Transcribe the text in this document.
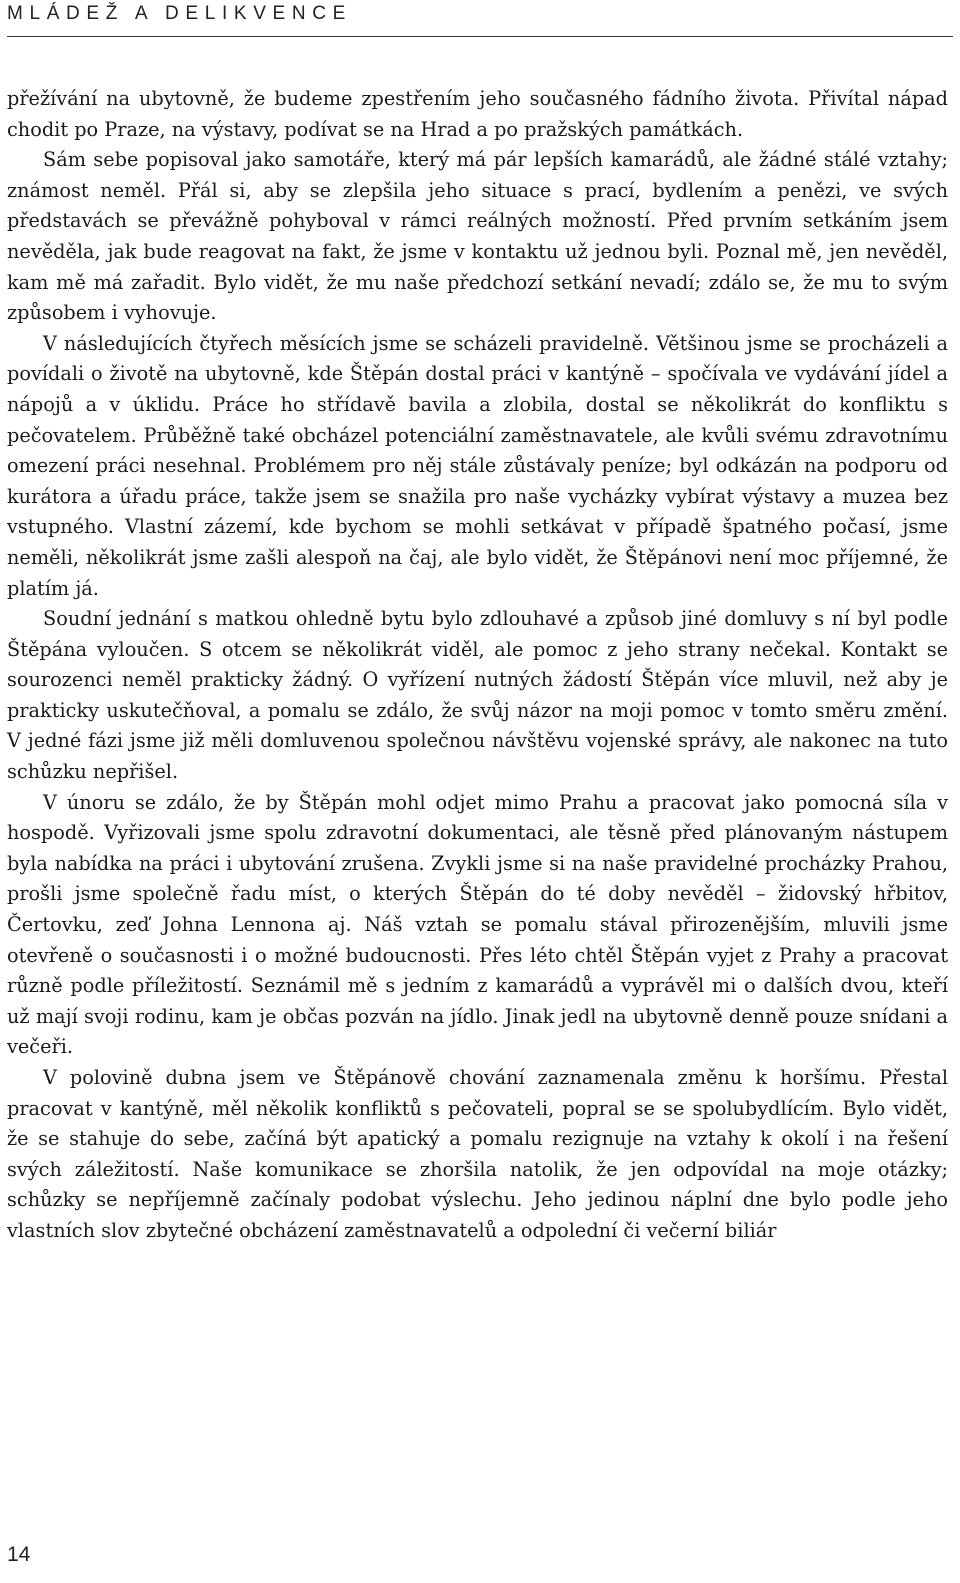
MLÁDEŽ A DELIKVENCE

přežívání na ubytovně, že budeme zpestřením jeho současného fádního života. Přivítal nápad chodit po Praze, na výstavy, podívat se na Hrad a po pražských památkách.

Sám sebe popisoval jako samotáře, který má pár lepších kamarádů, ale žádné stálé vztahy; známost neměl. Přál si, aby se zlepšila jeho situace s prací, bydlením a penězi, ve svých představách se převážně pohyboval v rámci reálných možností. Před prvním setkáním jsem nevěděla, jak bude reagovat na fakt, že jsme v kontaktu už jednou byli. Poznal mě, jen nevěděl, kam mě má zařadit. Bylo vidět, že mu naše předchozí setkání nevadí; zdálo se, že mu to svým způsobem i vyhovuje.

V následujících čtyřech měsících jsme se scházeli pravidelně. Většinou jsme se procházeli a povídali o životě na ubytovně, kde Štěpán dostal práci v kantýně – spočívala ve vydávání jídel a nápojů a v úklidu. Práce ho střídavě bavila a zlobila, dostal se několikrát do konfliktu s pečovatelem. Průběžně také obcházel potenciální zaměstnavatele, ale kvůli svému zdravotnímu omezení práci nesehnal. Problémem pro něj stále zůstávaly peníze; byl odkázán na podporu od kurátora a úřadu práce, takže jsem se snažila pro naše vycházky vybírat výstavy a muzea bez vstupného. Vlastní zázemí, kde bychom se mohli setkávat v případě špatného počasí, jsme neměli, několikrát jsme zašli alespoň na čaj, ale bylo vidět, že Štěpánovi není moc příjemné, že platím já.

Soudní jednání s matkou ohledně bytu bylo zdlouhavé a způsob jiné domluvy s ní byl podle Štěpána vyloučen. S otcem se několikrát viděl, ale pomoc z jeho strany nečekal. Kontakt se sourozenci neměl prakticky žádný. O vyřízení nutných žádostí Štěpán více mluvil, než aby je prakticky uskutečňoval, a pomalu se zdálo, že svůj názor na moji pomoc v tomto směru změní. V jedné fázi jsme již měli domluvenou společnou návštěvu vojenské správy, ale nakonec na tuto schůzku nepřišel.

V únoru se zdálo, že by Štěpán mohl odjet mimo Prahu a pracovat jako pomocná síla v hospodě. Vyřizovali jsme spolu zdravotní dokumentaci, ale těsně před plánovaným nástupem byla nabídka na práci i ubytování zrušena. Zvykli jsme si na naše pravidelné procházky Prahou, prošli jsme společně řadu míst, o kterých Štěpán do té doby nevěděl – židovský hřbitov, Čertovku, zeď Johna Lennona aj. Náš vztah se pomalu stával přirozenějším, mluvili jsme otevřeně o současnosti i o možné budoucnosti. Přes léto chtěl Štěpán vyjet z Prahy a pracovat různě podle příležitostí. Seznámil mě s jedním z kamarádů a vyprávěl mi o dalších dvou, kteří už mají svoji rodinu, kam je občas pozván na jídlo. Jinak jedl na ubytovně denně pouze snídani a večeři.

V polovině dubna jsem ve Štěpánově chování zaznamenala změnu k horšímu. Přestal pracovat v kantýně, měl několik konfliktů s pečovateli, popral se se spolubydlícím. Bylo vidět, že se stahuje do sebe, začíná být apatický a pomalu rezignuje na vztahy k okolí i na řešení svých záležitostí. Naše komunikace se zhoršila natolik, že jen odpovídal na moje otázky; schůzky se nepříjemně začínaly podobat výslechu. Jeho jedinou náplní dne bylo podle jeho vlastních slov zbytečné obcházení zaměstnavatelů a odpolední či večerní biliár

14
